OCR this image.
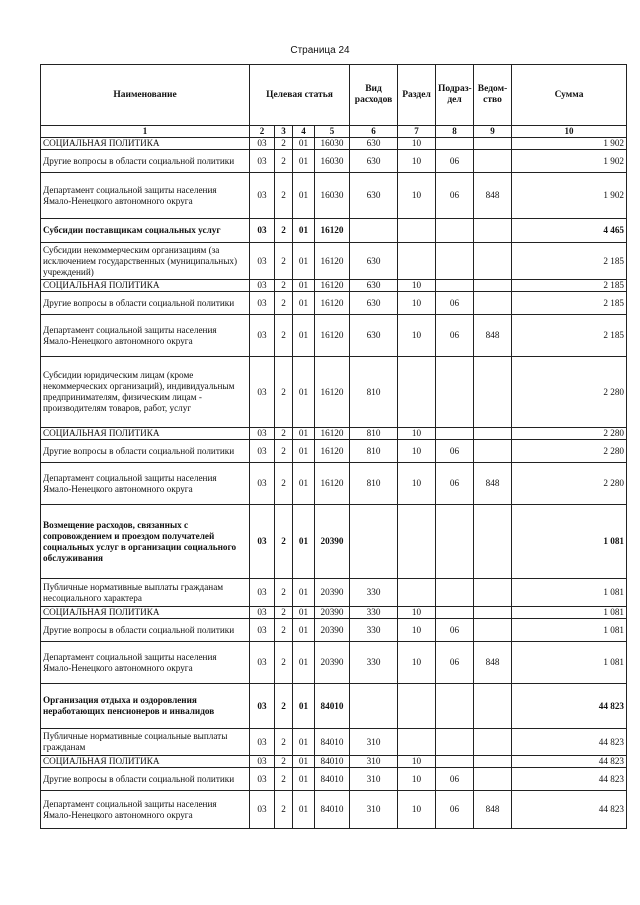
Страница 24
Наименование	Целевая статья				Вид расходов	Раздел	Подраз-дел	Ведом-ство	Сумма
1	2	3	4	5	6	7	8	9	10
СОЦИАЛЬНАЯ ПОЛИТИКА	03	2	01	16030	630	10			1 902
Другие вопросы в области социальной политики	03	2	01	16030	630	10	06		1 902
Департамент социальной защиты населения Ямало-Ненецкого автономного округа	03	2	01	16030	630	10	06	848	1 902
Субсидии поставщикам социальных услуг	03	2	01	16120					4 465
Субсидии некоммерческим организациям (за исключением государственных (муниципальных) учреждений)	03	2	01	16120	630				2 185
СОЦИАЛЬНАЯ ПОЛИТИКА	03	2	01	16120	630	10			2 185
Другие вопросы в области социальной политики	03	2	01	16120	630	10	06		2 185
Департамент социальной защиты населения Ямало-Ненецкого автономного округа	03	2	01	16120	630	10	06	848	2 185
Субсидии юридическим лицам (кроме некоммерческих организаций), индивидуальным предпринимателям, физическим лицам - производителям товаров, работ, услуг	03	2	01	16120	810				2 280
СОЦИАЛЬНАЯ ПОЛИТИКА	03	2	01	16120	810	10			2 280
Другие вопросы в области социальной политики	03	2	01	16120	810	10	06		2 280
Департамент социальной защиты населения Ямало-Ненецкого автономного округа	03	2	01	16120	810	10	06	848	2 280
Возмещение расходов, связанных с сопровождением и проездом получателей социальных услуг в организации социального обслуживания	03	2	01	20390					1 081
Публичные нормативные выплаты гражданам несоциального характера	03	2	01	20390	330				1 081
СОЦИАЛЬНАЯ ПОЛИТИКА	03	2	01	20390	330	10			1 081
Другие вопросы в области социальной политики	03	2	01	20390	330	10	06		1 081
Департамент социальной защиты населения Ямало-Ненецкого автономного округа	03	2	01	20390	330	10	06	848	1 081
Организация отдыха и оздоровления неработающих пенсионеров и инвалидов	03	2	01	84010					44 823
Публичные нормативные социальные выплаты гражданам	03	2	01	84010	310				44 823
СОЦИАЛЬНАЯ ПОЛИТИКА	03	2	01	84010	310	10			44 823
Другие вопросы в области социальной политики	03	2	01	84010	310	10	06		44 823
Департамент социальной защиты населения Ямало-Ненецкого автономного округа	03	2	01	84010	310	10	06	848	44 823
